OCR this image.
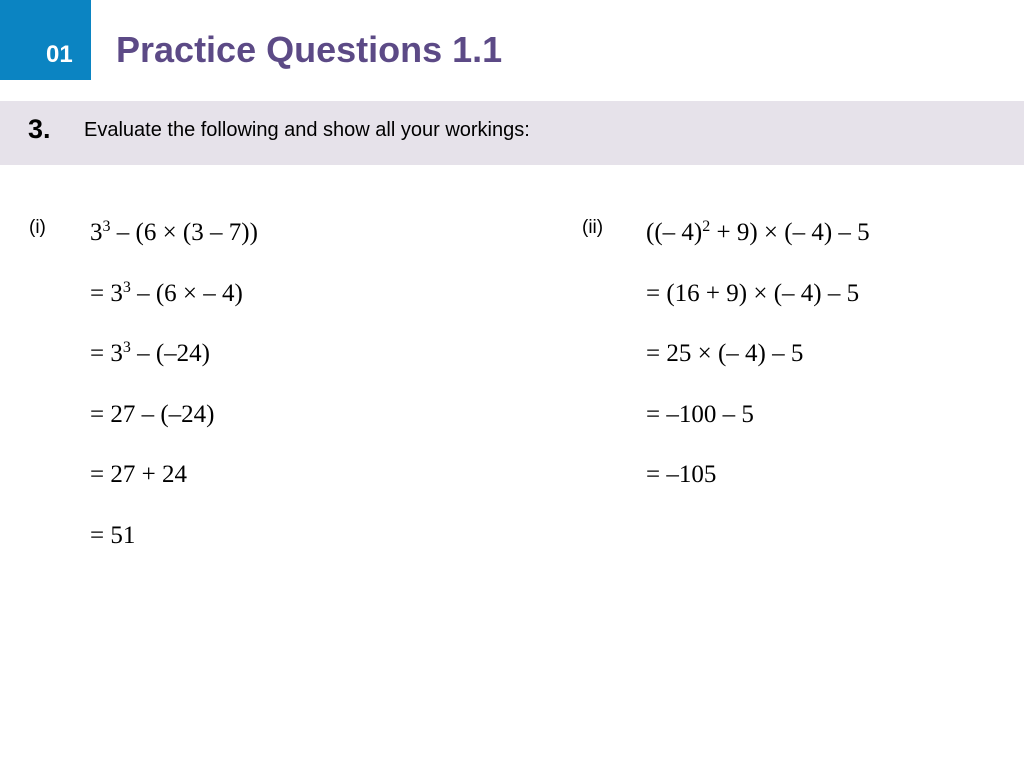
01	Practice Questions 1.1
3. Evaluate the following and show all your workings:
(i) $3^3 - (6 \times (3 - 7))$
= $3^3 - (6$ × – 4)
= $3^3 - (-24)$
= 27 – (–24)
= 27 + 24
= 51
(ii) ((– 4)$^2$ + 9) × (– 4) – 5
= (16 + 9) × (– 4) – 5
= 25 × (– 4) – 5
= –100 – 5
= –105
